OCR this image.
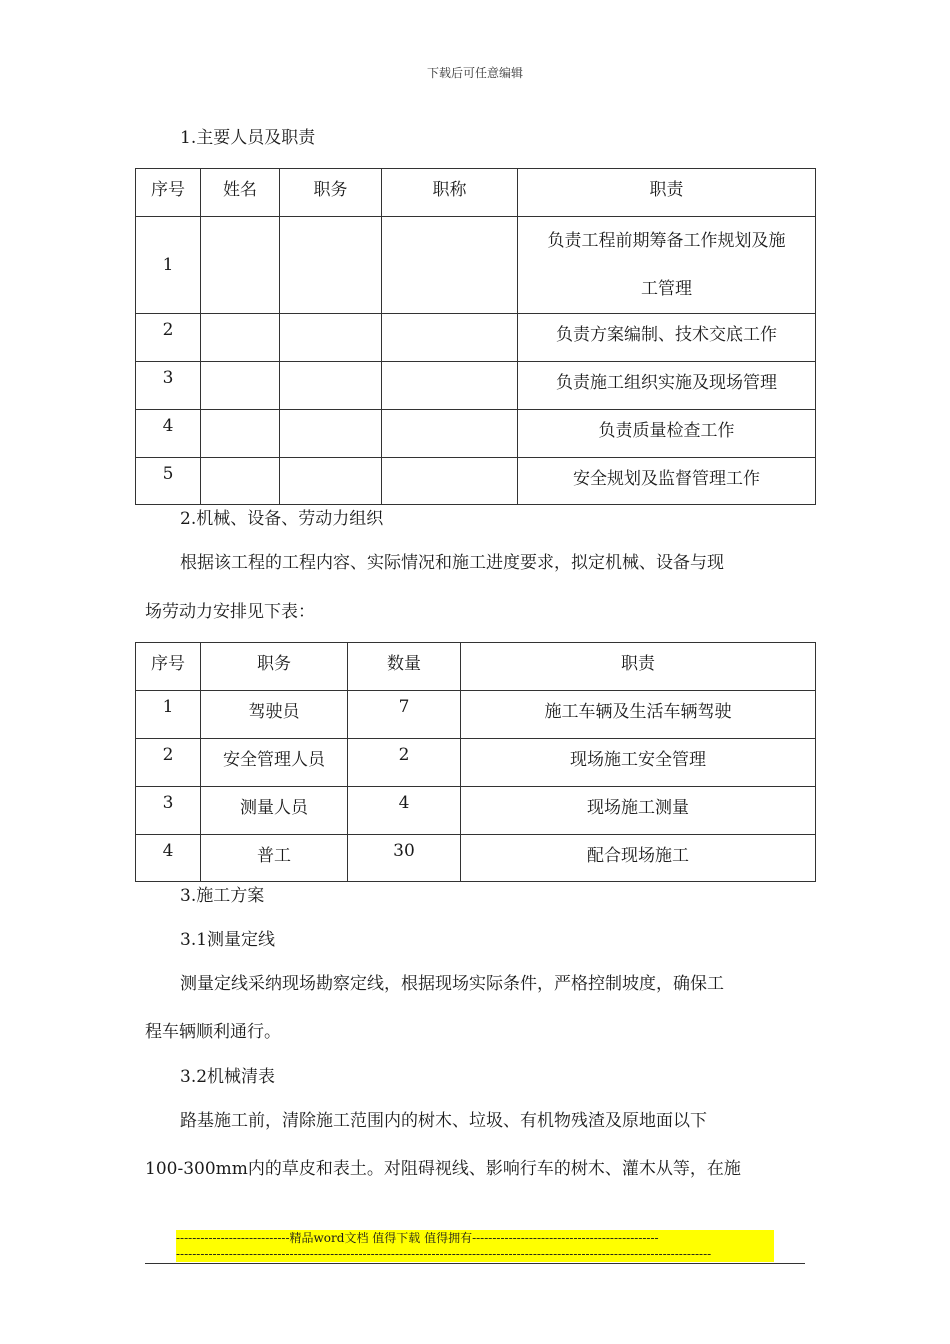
下载后可任意编辑
1.主要人员及职责
序号	姓名	职务	职称	职责
1				负责工程前期筹备工作规划及施
工管理

2				负责方案编制、技术交底工作
3				负责施工组织实施及现场管理
4				负责质量检查工作
5				安全规划及监督管理工作
2.机械、设备、劳动力组织
根据该工程的工程内容、实际情况和施工进度要求，拟定机械、设备与现
场劳动力安排见下表：
序号	职务	数量	职责
1	驾驶员	7	施工车辆及生活车辆驾驶
2	安全管理人员	2	现场施工安全管理
3	测量人员	4	现场施工测量
4	普工	30	配合现场施工
3.施工方案
3.1测量定线
测量定线采纳现场勘察定线，根据现场实际条件，严格控制坡度，确保工
程车辆顺利通行。
3.2机械清表
路基施工前，清除施工范围内的树木、垃圾、有机物残渣及原地面以下
100-300mm内的草皮和表土。对阻碍视线、影响行车的树木、灌木从等，在施
----------------------------精品word文档 值得下载 值得拥有----------------------------------------------
------------------------------------------------------------------------------------------------------------------------------------
